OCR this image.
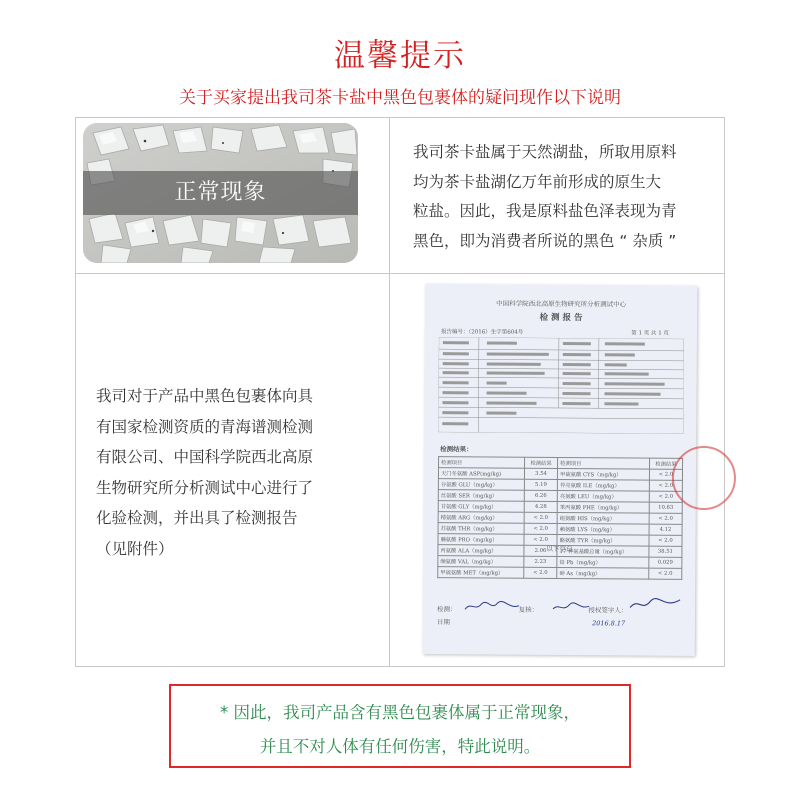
温馨提示
关于买家提出我司茶卡盐中黑色包裹体的疑问现作以下说明
正常现象
我司茶卡盐属于天然湖盐，所取用原料
均为茶卡盐湖亿万年前形成的原生大
粒盐。因此，我是原料盐色泽表现为青
黑色，即为消费者所说的黑色 “ 杂质 ”
我司对于产品中黑色包裹体向具
有国家检测资质的青海谱测检测
有限公司、中国科学院西北高原
生物研究所分析测试中心进行了
化验检测，并出具了检测报告
（见附件）
中国科学院西北高原生物研究所分析测试中心
检 测 报 告
报告编号：（2016）生字第604号	第 1 页 共 1 页
检测结果：
检测项目	检测结果	检测项目	检测结果
天门冬氨酸 ASP(mg/kg)	3.54	甲硫氨酸 CYS（mg/kg）	< 2.0
谷氨酸 GLU（mg/kg）	5.19	异亮氨酸 ILE（mg/kg）	< 2.0
丝氨酸 SER（mg/kg）	6.26	亮氨酸 LEU（mg/kg）	< 2.0
甘氨酸 GLY（mg/kg）	4.28	苯丙氨酸 PHE（mg/kg）	10.83
精氨酸 ARG（mg/kg）	< 2.0	组氨酸 HIS（mg/kg）	< 2.0
苏氨酸 THR（mg/kg）	< 2.0	赖氨酸 LYS（mg/kg）	4.12
脯氨酸 PRO（mg/kg）	< 2.0	酪氨酸 TYR（mg/kg）	< 2.0
丙氨酸 ALA（mg/kg）	2.06	17 种氨基酸总量（mg/kg）	38.51
缬氨酸 VAL（mg/kg）	2.23	铅 Pb（mg/kg）	0.029
甲硫氨酸 MET（mg/kg）	< 2.0	砷 As（mg/kg）	< 2.0
以下空白
检测：	复核：	授权签字人：
日期	2016.8.17
* 因此，我司产品含有黑色包裹体属于正常现象，
并且不对人体有任何伤害，特此说明。
